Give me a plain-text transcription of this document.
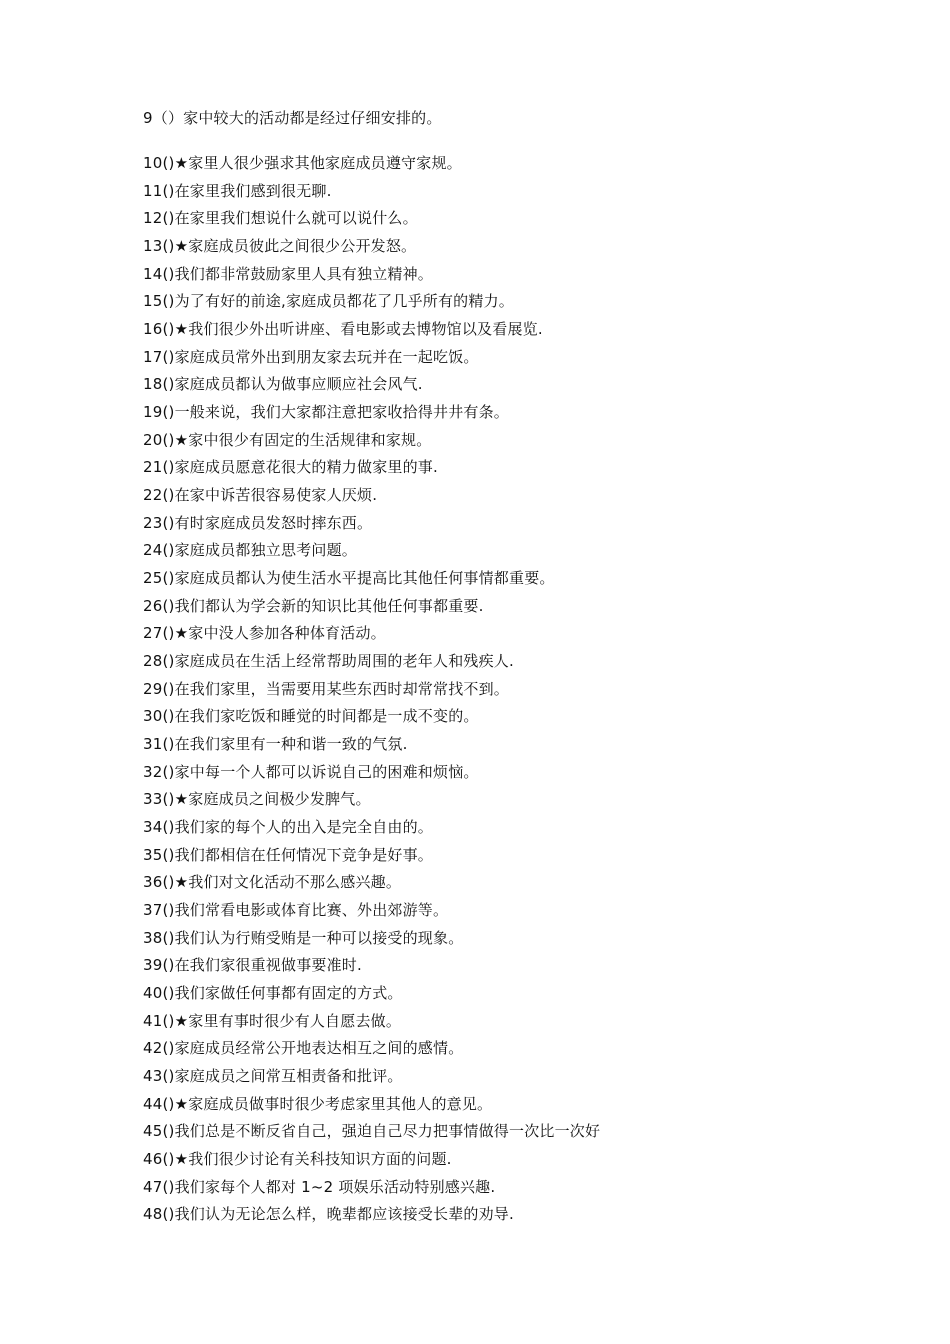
9（）家中较大的活动都是经过仔细安排的。
10()★家里人很少强求其他家庭成员遵守家规。
11()在家里我们感到很无聊.
12()在家里我们想说什么就可以说什么。
13()★家庭成员彼此之间很少公开发怒。
14()我们都非常鼓励家里人具有独立精神。
15()为了有好的前途,家庭成员都花了几乎所有的精力。
16()★我们很少外出听讲座、看电影或去博物馆以及看展览.
17()家庭成员常外出到朋友家去玩并在一起吃饭。
18()家庭成员都认为做事应顺应社会风气.
19()一般来说，我们大家都注意把家收拾得井井有条。
20()★家中很少有固定的生活规律和家规。
21()家庭成员愿意花很大的精力做家里的事.
22()在家中诉苦很容易使家人厌烦.
23()有时家庭成员发怒时摔东西。
24()家庭成员都独立思考问题。
25()家庭成员都认为使生活水平提高比其他任何事情都重要。
26()我们都认为学会新的知识比其他任何事都重要.
27()★家中没人参加各种体育活动。
28()家庭成员在生活上经常帮助周围的老年人和残疾人.
29()在我们家里，当需要用某些东西时却常常找不到。
30()在我们家吃饭和睡觉的时间都是一成不变的。
31()在我们家里有一种和谐一致的气氛.
32()家中每一个人都可以诉说自己的困难和烦恼。
33()★家庭成员之间极少发脾气。
34()我们家的每个人的出入是完全自由的。
35()我们都相信在任何情况下竞争是好事。
36()★我们对文化活动不那么感兴趣。
37()我们常看电影或体育比赛、外出郊游等。
38()我们认为行贿受贿是一种可以接受的现象。
39()在我们家很重视做事要准时.
40()我们家做任何事都有固定的方式。
41()★家里有事时很少有人自愿去做。
42()家庭成员经常公开地表达相互之间的感情。
43()家庭成员之间常互相责备和批评。
44()★家庭成员做事时很少考虑家里其他人的意见。
45()我们总是不断反省自己，强迫自己尽力把事情做得一次比一次好
46()★我们很少讨论有关科技知识方面的问题.
47()我们家每个人都对 1~2 项娱乐活动特别感兴趣.
48()我们认为无论怎么样，晚辈都应该接受长辈的劝导.
